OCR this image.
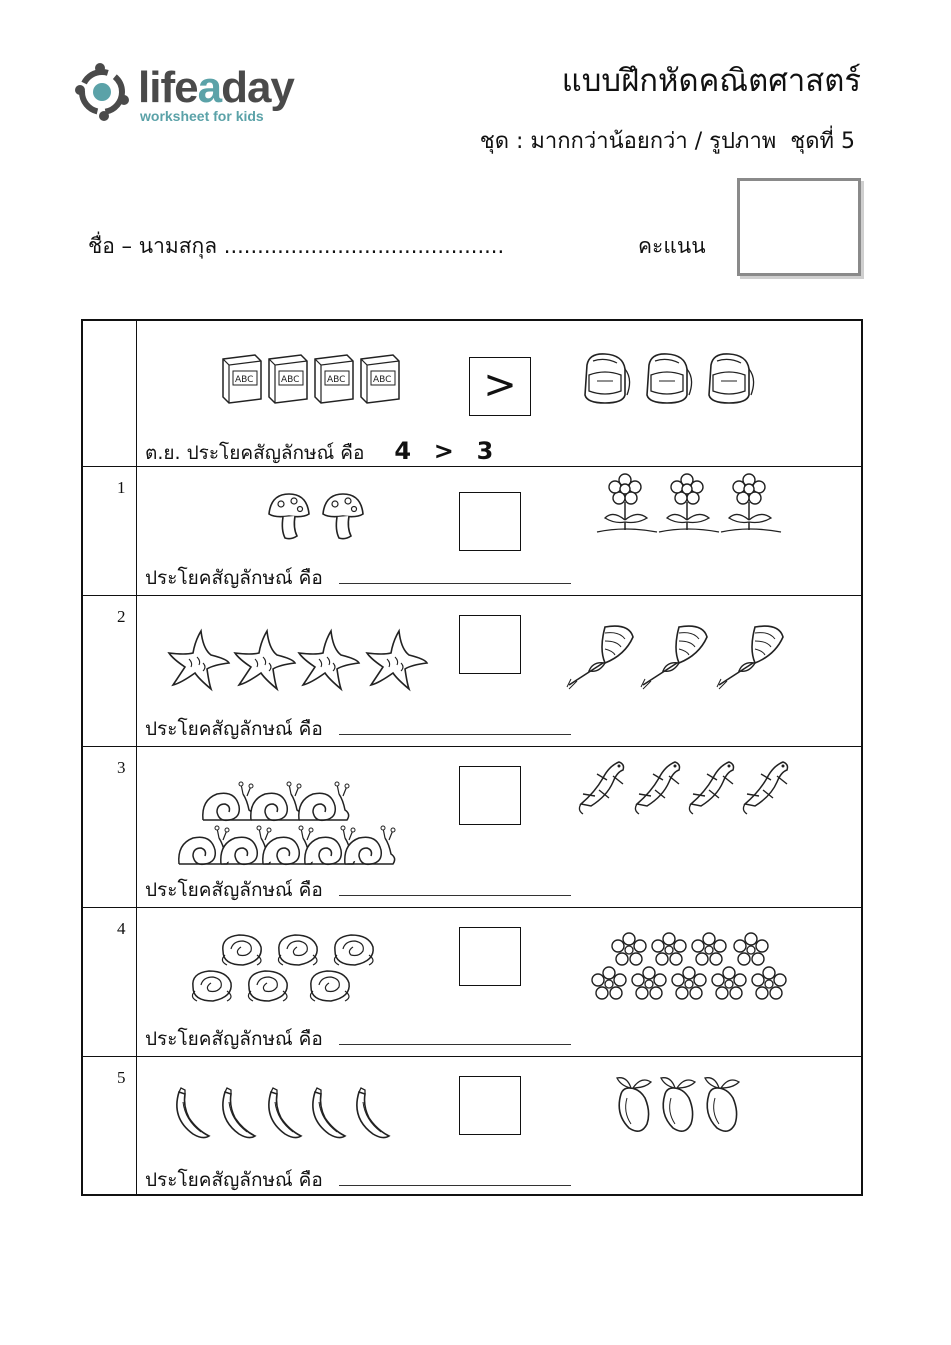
ABC
lifeaday
worksheet for kids
แบบฝึกหัดคณิตศาสตร์
ชุด : มากกว่าน้อยกว่า / รูปภาพ  ชุดที่ 5
ชื่อ – นามสกุล ..........................................	คะแนน
>
ต.ย. ประโยคสัญลักษณ์ คือ 4  >  3
1
ประโยคสัญลักษณ์ คือ
2
ประโยคสัญลักษณ์ คือ
3
ประโยคสัญลักษณ์ คือ
4
ประโยคสัญลักษณ์ คือ
5
ประโยคสัญลักษณ์ คือ
